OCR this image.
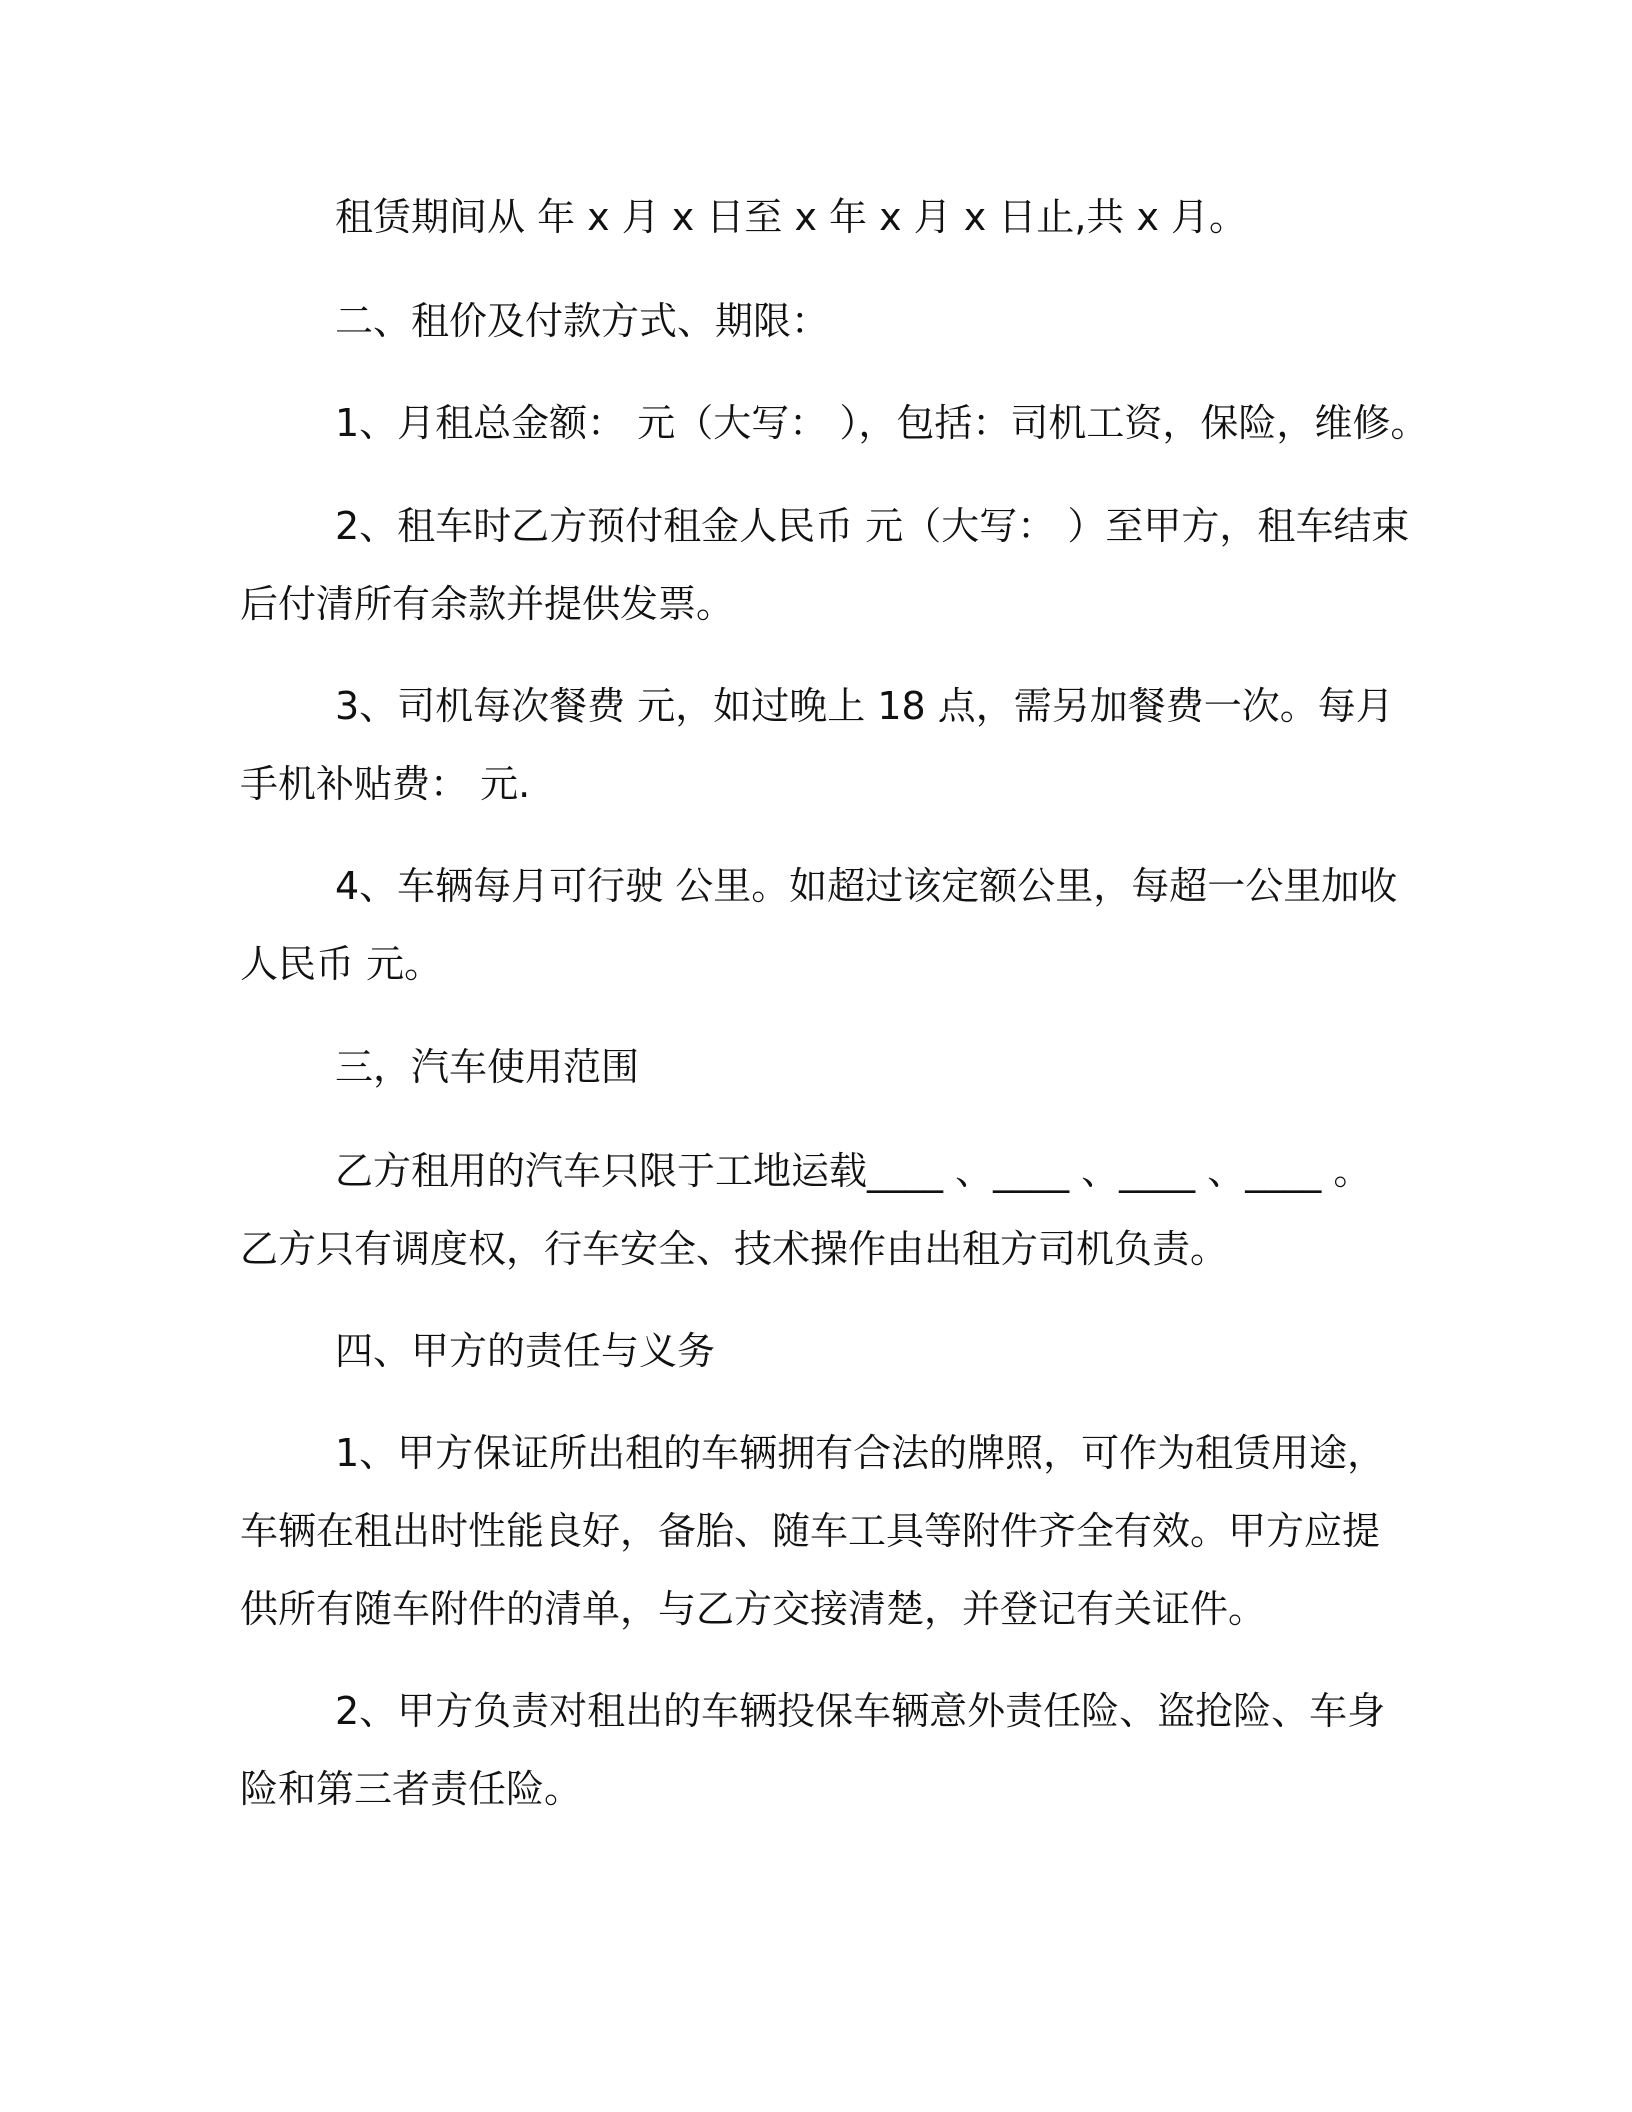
租赁期间从 年 x 月 x 日至 x 年 x 月 x 日止,共 x 月。
二、租价及付款方式、期限：
1、月租总金额： 元（大写： ），包括：司机工资，保险，维修。
2、租车时乙方预付租金人民币 元（大写： ）至甲方，租车结束
后付清所有余款并提供发票。
3、司机每次餐费 元，如过晚上 18 点，需另加餐费一次。每月
手机补贴费： 元.
4、车辆每月可行驶 公里。如超过该定额公里，每超一公里加收
人民币 元。
三，汽车使用范围
乙方租用的汽车只限于工地运载____ 、____ 、____ 、____ 。
乙方只有调度权，行车安全、技术操作由出租方司机负责。
四、甲方的责任与义务
1、甲方保证所出租的车辆拥有合法的牌照，可作为租赁用途，
车辆在租出时性能良好，备胎、随车工具等附件齐全有效。甲方应提
供所有随车附件的清单，与乙方交接清楚，并登记有关证件。
2、甲方负责对租出的车辆投保车辆意外责任险、盗抢险、车身
险和第三者责任险。
